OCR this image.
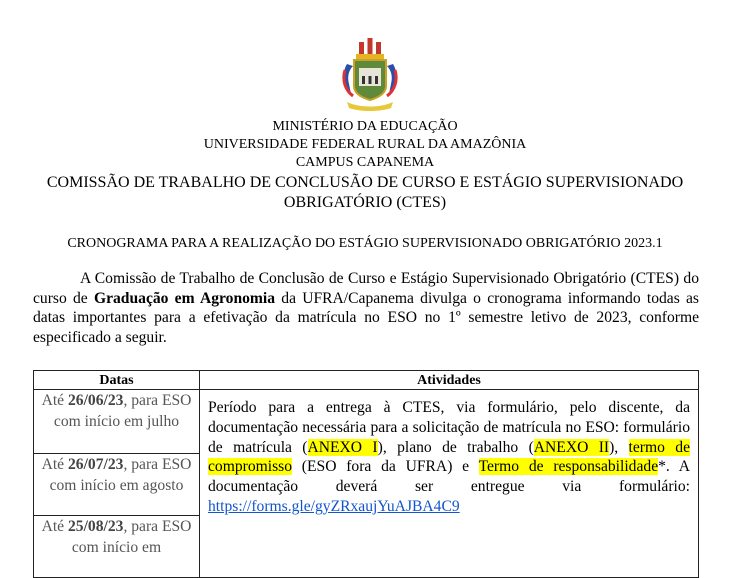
MINISTÉRIO DA EDUCAÇÃO
UNIVERSIDADE FEDERAL RURAL DA AMAZÔNIA
CAMPUS CAPANEMA
COMISSÃO DE TRABALHO DE CONCLUSÃO DE CURSO E ESTÁGIO SUPERVISIONADO
OBRIGATÓRIO (CTES)
CRONOGRAMA PARA A REALIZAÇÃO DO ESTÁGIO SUPERVISIONADO OBRIGATÓRIO 2023.1

A Comissão de Trabalho de Conclusão de Curso e Estágio Supervisionado Obrigatório (CTES) do curso de Graduação em Agronomia da UFRA/Capanema divulga o cronograma informando todas as datas importantes para a efetivação da matrícula no ESO no 1º semestre letivo de 2023, conforme especificado a seguir.

Datas	Atividades
Até 26/06/23, para ESO com início em julho	Período para a entrega à CTES, via formulário, pelo discente, da documentação necessária para a solicitação de matrícula no ESO: formulário de matrícula (ANEXO I), plano de trabalho (ANEXO II), termo de compromisso (ESO fora da UFRA) e Termo de responsabilidade*. A documentação deverá ser entregue via formulário: https://forms.gle/gyZRxaujYuAJBA4C9
Até 26/07/23, para ESO com início em agosto	
Até 25/08/23, para ESO com início em	
